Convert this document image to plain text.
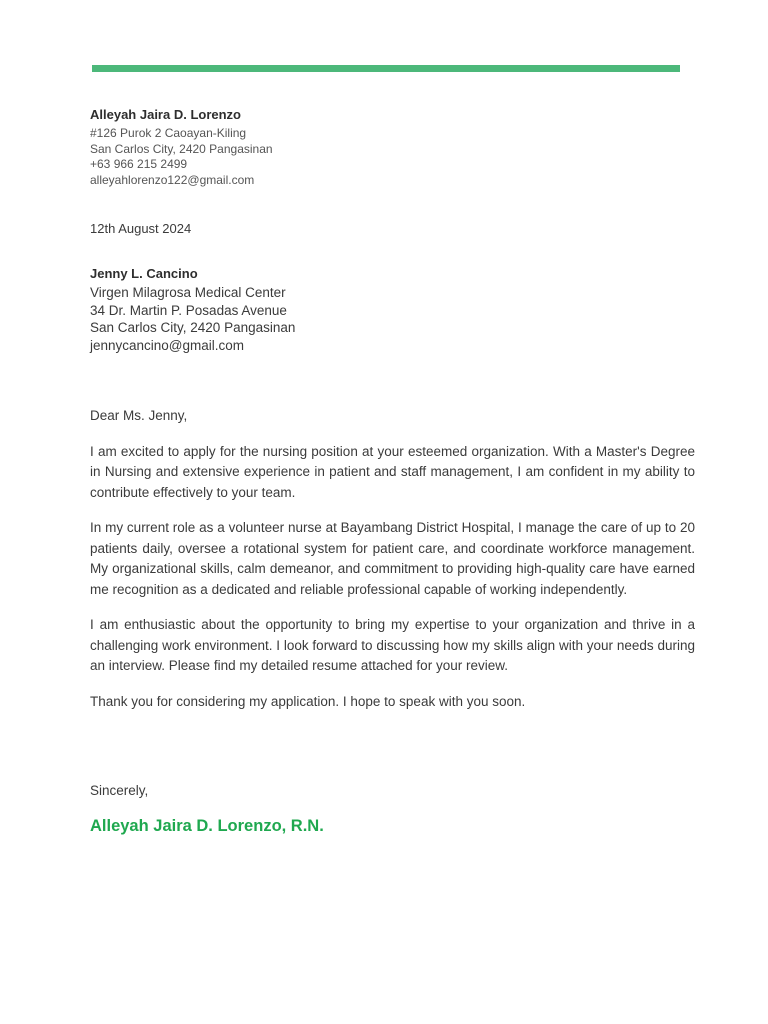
Alleyah Jaira D. Lorenzo
#126 Purok 2 Caoayan-Kiling
San Carlos City, 2420 Pangasinan
+63 966 215 2499
alleyahlorenzo122@gmail.com
12th August 2024
Jenny L. Cancino
Virgen Milagrosa Medical Center
34 Dr. Martin P. Posadas Avenue
San Carlos City, 2420 Pangasinan
jennycancino@gmail.com

Dear Ms. Jenny,

I am excited to apply for the nursing position at your esteemed organization. With a Master's Degree in Nursing and extensive experience in patient and staff management, I am confident in my ability to contribute effectively to your team.

In my current role as a volunteer nurse at Bayambang District Hospital, I manage the care of up to 20 patients daily, oversee a rotational system for patient care, and coordinate workforce management. My organizational skills, calm demeanor, and commitment to providing high-quality care have earned me recognition as a dedicated and reliable professional capable of working independently.

I am enthusiastic about the opportunity to bring my expertise to your organization and thrive in a challenging work environment. I look forward to discussing how my skills align with your needs during an interview. Please find my detailed resume attached for your review.

Thank you for considering my application. I hope to speak with you soon.

Sincerely,
Alleyah Jaira D. Lorenzo, R.N.
